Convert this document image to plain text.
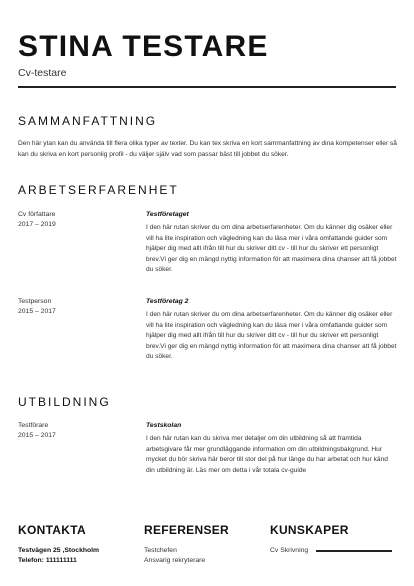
STINA TESTARE
Cv-testare
SAMMANFATTNING
Den här ytan kan du använda till flera olika typer av texter. Du kan tex skriva en kort sammanfattning av dina kompetenser eller så kan du skriva en kort personlig profil - du väljer själv vad som passar bäst till jobbet du söker.
ARBETSERFARENHET
Cv författare
2017 – 2019
Testföretaget
I den här rutan skriver du om dina arbetserfarenheter. Om du känner dig osäker eller vill ha lite inspiration och vägledning kan du läsa mer i våra omfattande guider som hjälper dig med allt ifrån till hur du skriver ditt cv - till hur du skriver ett personligt brev.Vi ger dig en mängd nyttig information för att maximera dina chanser att få jobbet du söker.
Testperson
2015 – 2017
Testföretag 2
I den här rutan skriver du om dina arbetserfarenheter. Om du känner dig osäker eller vill ha lite inspiration och vägledning kan du läsa mer i våra omfattande guider som hjälper dig med allt ifrån till hur du skriver ditt cv - till hur du skriver ett personligt brev.Vi ger dig en mängd nyttig information för att maximera dina chanser att få jobbet du söker.
UTBILDNING
Testförare
2015 – 2017
Testskolan
I den här rutan kan du skriva mer detaljer om din utbildning så att framtida arbetsgivare får mer grundläggande information om din utbildningsbakgrund. Hur mycket du bör skriva här beror till stor del på hur länge du har arbetat och hur känd din utbildning är. Läs mer om detta i vår totala cv-guide
KONTAKTA
Testvägen 25 ,Stockholm
Telefon: 111111111
REFERENSER
Testchefen
Ansvarig rekryterare
KUNSKAPER
Cv Skrivning
